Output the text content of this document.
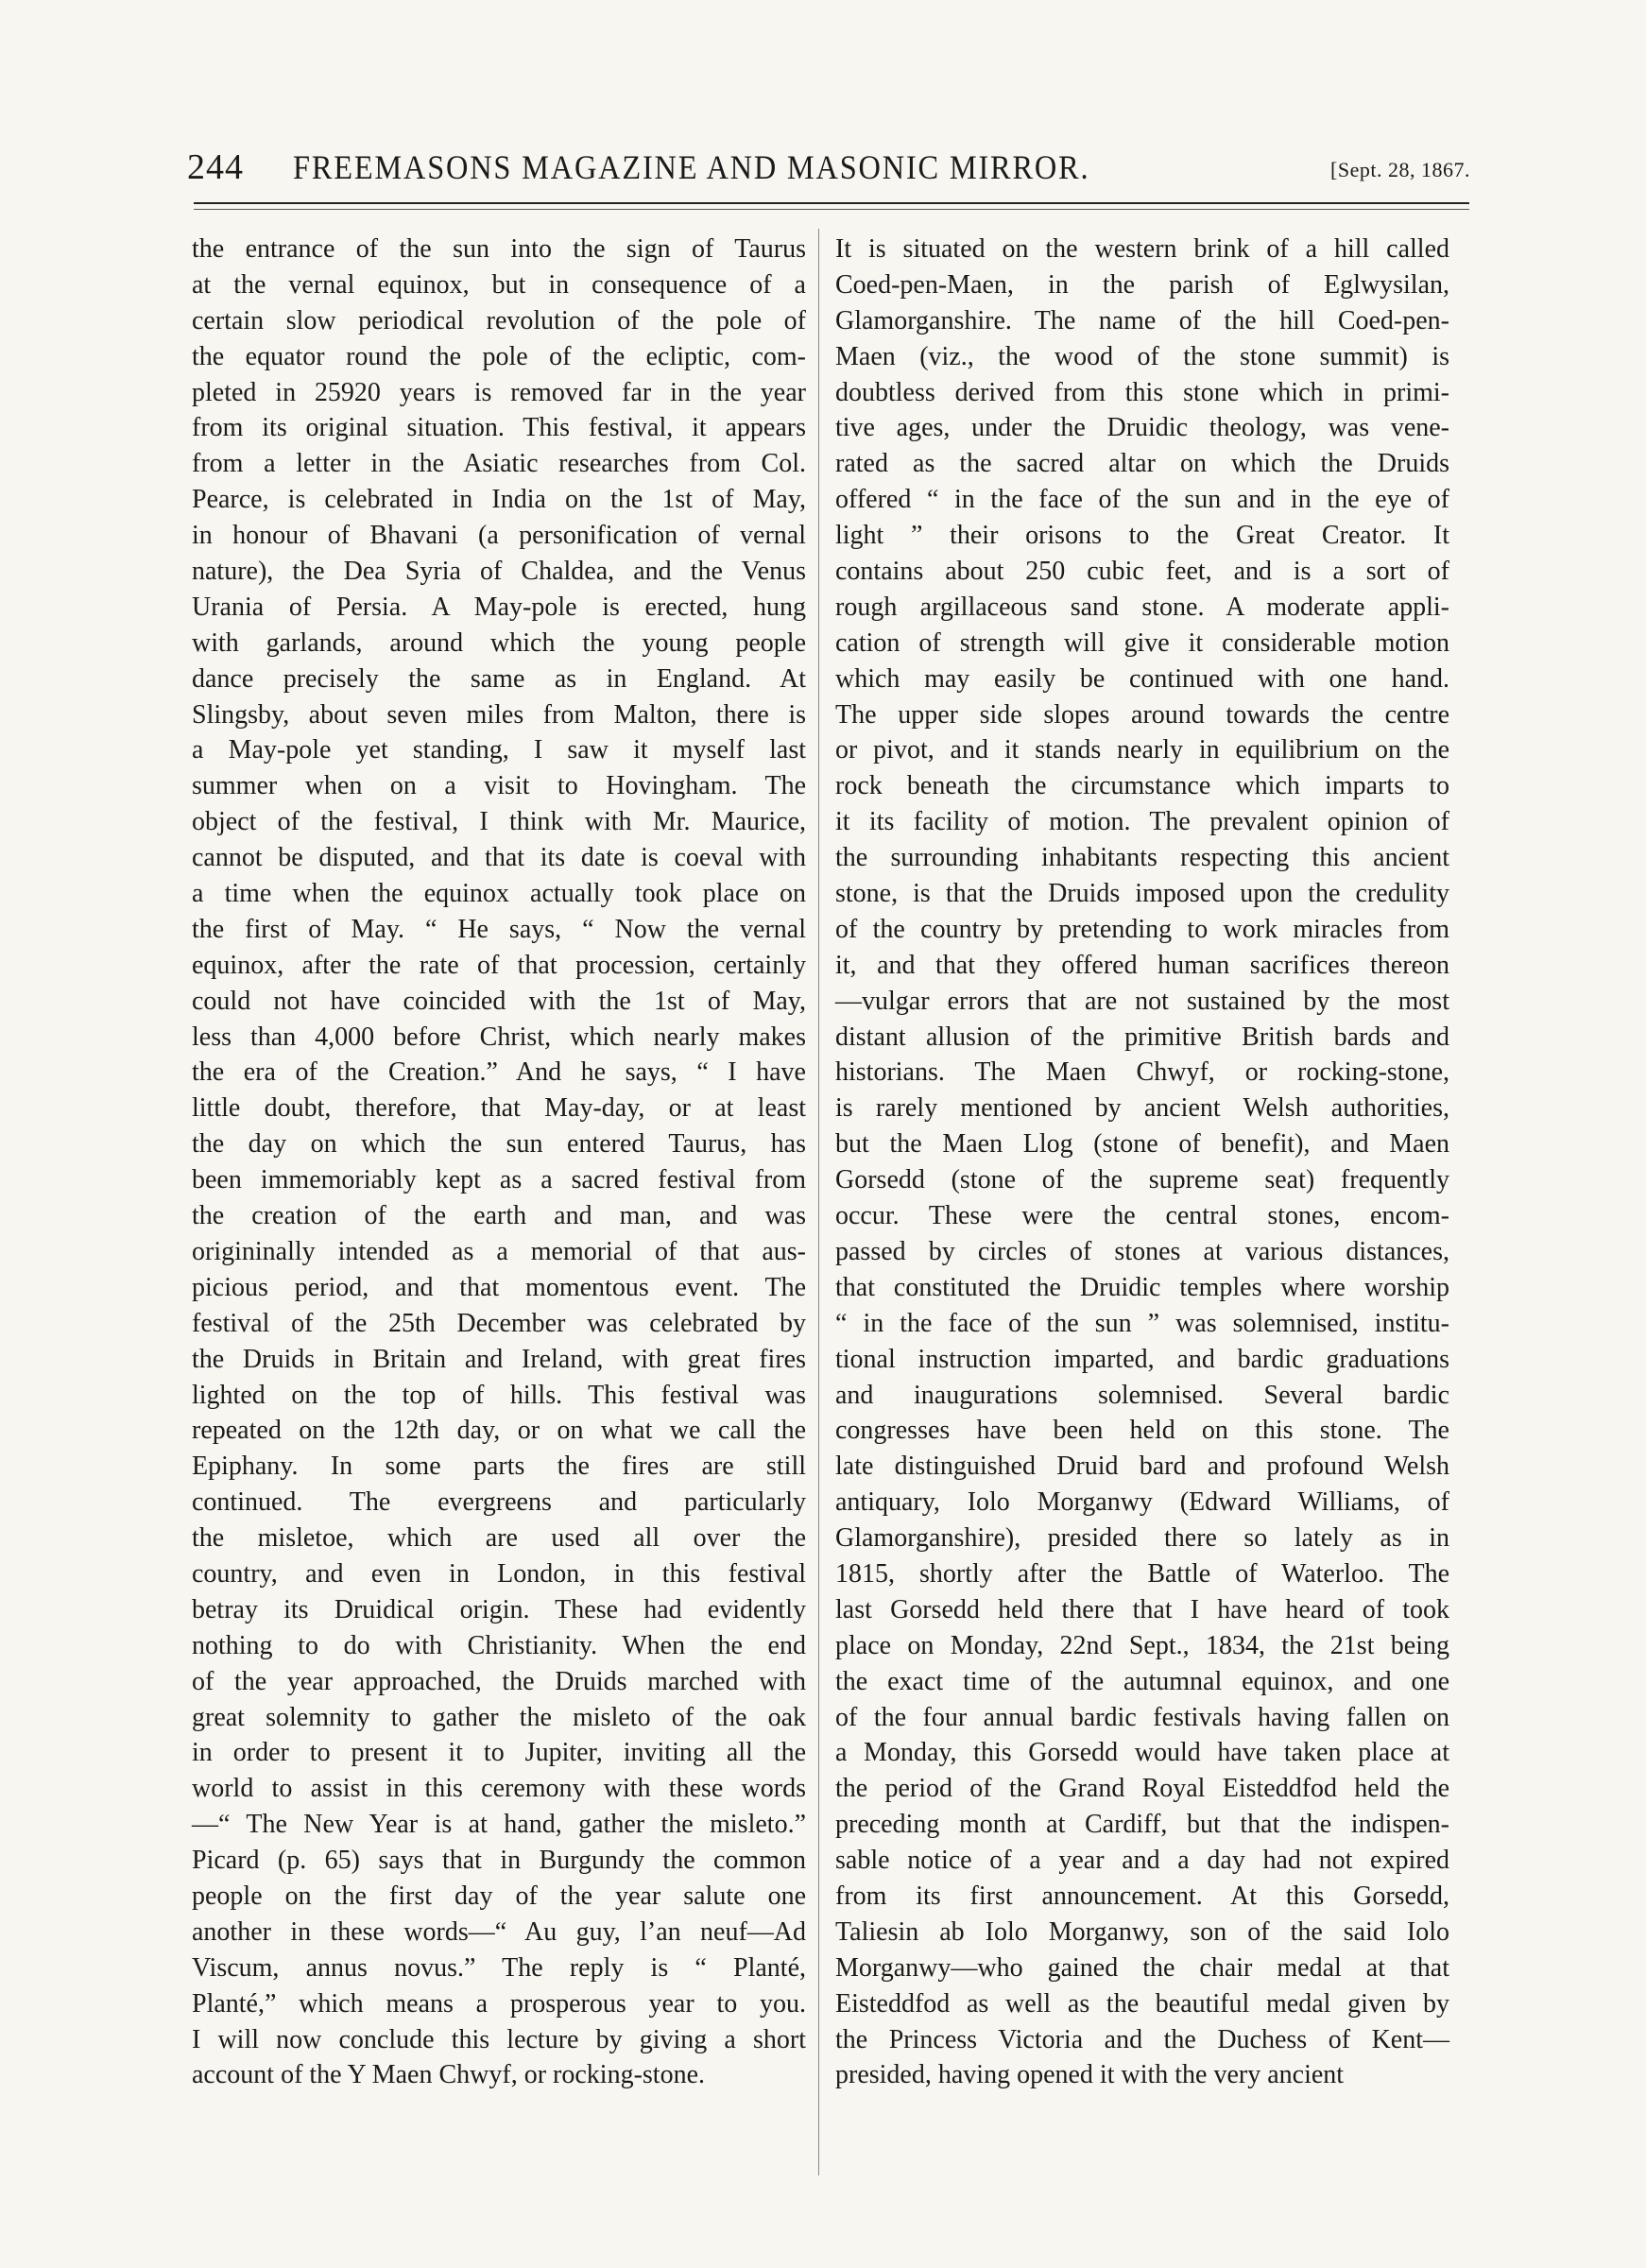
244 FREEMASONS MAGAZINE AND MASONIC MIRROR.	[Sept. 28, 1867.
the entrance of the sun into the sign of Taurus
at the vernal equinox, but in consequence of a
certain slow periodical revolution of the pole of
the equator round the pole of the ecliptic, com-
pleted in 25920 years is removed far in the year
from its original situation. This festival, it appears
from a letter in the Asiatic researches from Col.
Pearce, is celebrated in India on the 1st of May,
in honour of Bhavani (a personification of vernal
nature), the Dea Syria of Chaldea, and the Venus
Urania of Persia. A May-pole is erected, hung
with garlands, around which the young people
dance precisely the same as in England. At
Slingsby, about seven miles from Malton, there is
a May-pole yet standing, I saw it myself last
summer when on a visit to Hovingham. The
object of the festival, I think with Mr. Maurice,
cannot be disputed, and that its date is coeval with
a time when the equinox actually took place on
the first of May. “ He says, “ Now the vernal
equinox, after the rate of that procession, certainly
could not have coincided with the 1st of May,
less than 4,000 before Christ, which nearly makes
the era of the Creation.” And he says, “ I have
little doubt, therefore, that May-day, or at least
the day on which the sun entered Taurus, has
been immemoriably kept as a sacred festival from
the creation of the earth and man, and was
origininally intended as a memorial of that aus-
picious period, and that momentous event. The
festival of the 25th December was celebrated by
the Druids in Britain and Ireland, with great fires
lighted on the top of hills. This festival was
repeated on the 12th day, or on what we call the
Epiphany. In some parts the fires are still
continued. The evergreens and particularly
the misletoe, which are used all over the
country, and even in London, in this festival
betray its Druidical origin. These had evidently
nothing to do with Christianity. When the end
of the year approached, the Druids marched with
great solemnity to gather the misleto of the oak
in order to present it to Jupiter, inviting all the
world to assist in this ceremony with these words
—“ The New Year is at hand, gather the misleto.”
Picard (p. 65) says that in Burgundy the common
people on the first day of the year salute one
another in these words—“ Au guy, l’an neuf—Ad
Viscum, annus novus.” The reply is “ Planté,
Planté,” which means a prosperous year to you.
I will now conclude this lecture by giving a short
account of the Y Maen Chwyf, or rocking-stone.
It is situated on the western brink of a hill called
Coed-pen-Maen, in the parish of Eglwysilan,
Glamorganshire. The name of the hill Coed-pen-
Maen (viz., the wood of the stone summit) is
doubtless derived from this stone which in primi-
tive ages, under the Druidic theology, was vene-
rated as the sacred altar on which the Druids
offered “ in the face of the sun and in the eye of
light ” their orisons to the Great Creator. It
contains about 250 cubic feet, and is a sort of
rough argillaceous sand stone. A moderate appli-
cation of strength will give it considerable motion
which may easily be continued with one hand.
The upper side slopes around towards the centre
or pivot, and it stands nearly in equilibrium on the
rock beneath the circumstance which imparts to
it its facility of motion. The prevalent opinion of
the surrounding inhabitants respecting this ancient
stone, is that the Druids imposed upon the credulity
of the country by pretending to work miracles from
it, and that they offered human sacrifices thereon
—vulgar errors that are not sustained by the most
distant allusion of the primitive British bards and
historians. The Maen Chwyf, or rocking-stone,
is rarely mentioned by ancient Welsh authorities,
but the Maen Llog (stone of benefit), and Maen
Gorsedd (stone of the supreme seat) frequently
occur. These were the central stones, encom-
passed by circles of stones at various distances,
that constituted the Druidic temples where worship
“ in the face of the sun ” was solemnised, institu-
tional instruction imparted, and bardic graduations
and inaugurations solemnised. Several bardic
congresses have been held on this stone. The
late distinguished Druid bard and profound Welsh
antiquary, Iolo Morganwy (Edward Williams, of
Glamorganshire), presided there so lately as in
1815, shortly after the Battle of Waterloo. The
last Gorsedd held there that I have heard of took
place on Monday, 22nd Sept., 1834, the 21st being
the exact time of the autumnal equinox, and one
of the four annual bardic festivals having fallen on
a Monday, this Gorsedd would have taken place at
the period of the Grand Royal Eisteddfod held the
preceding month at Cardiff, but that the indispen-
sable notice of a year and a day had not expired
from its first announcement. At this Gorsedd,
Taliesin ab Iolo Morganwy, son of the said Iolo
Morganwy—who gained the chair medal at that
Eisteddfod as well as the beautiful medal given by
the Princess Victoria and the Duchess of Kent—
presided, having opened it with the very ancient
